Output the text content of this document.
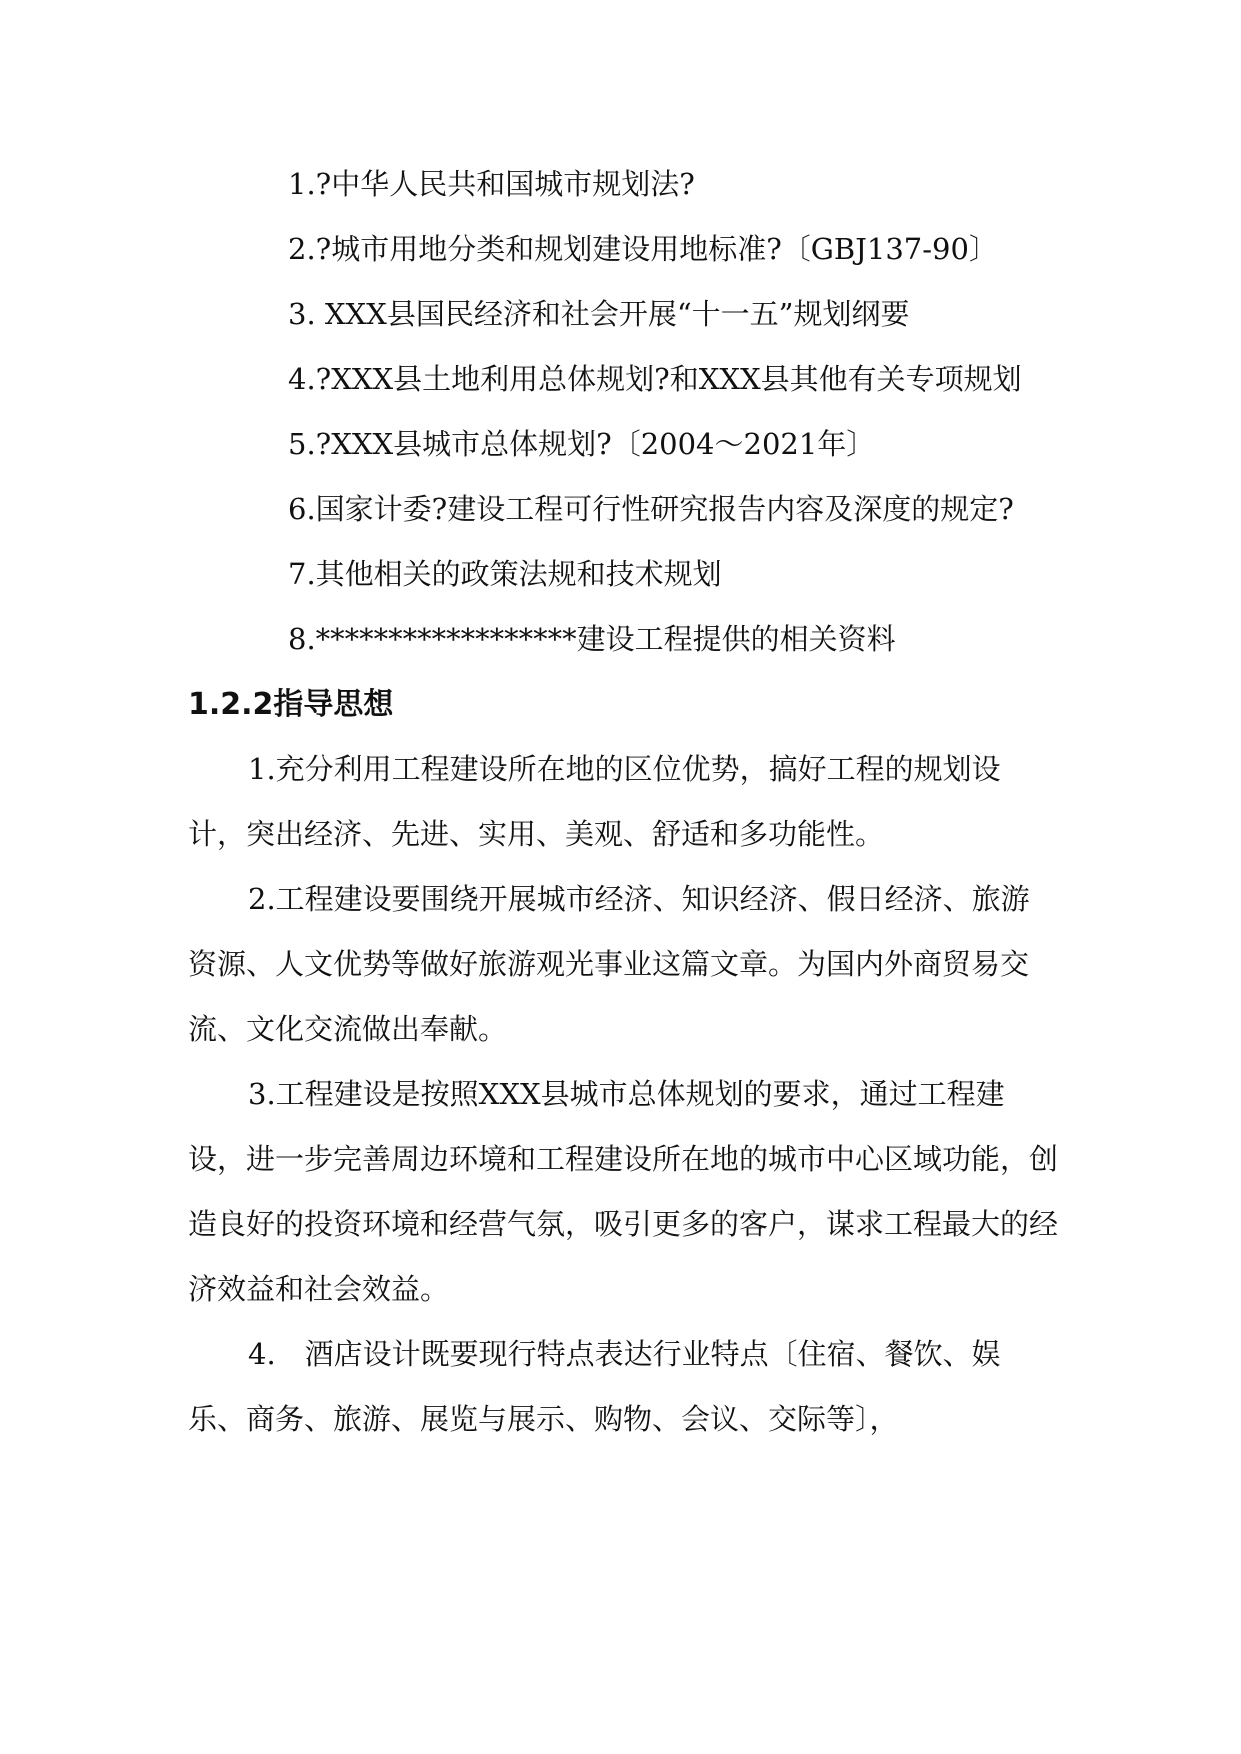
1.?中华人民共和国城市规划法?

2.?城市用地分类和规划建设用地标准?〔GBJ137-90〕

3. XXX县国民经济和社会开展“十一五”规划纲要

4.?XXX县土地利用总体规划?和XXX县其他有关专项规划

5.?XXX县城市总体规划?〔2004～2021年〕

6.国家计委?建设工程可行性研究报告内容及深度的规定?

7.其他相关的政策法规和技术规划

8.******************建设工程提供的相关资料

1.2.2指导思想

1.充分利用工程建设所在地的区位优势，搞好工程的规划设计，突出经济、先进、实用、美观、舒适和多功能性。

2.工程建设要围绕开展城市经济、知识经济、假日经济、旅游资源、人文优势等做好旅游观光事业这篇文章。为国内外商贸易交流、文化交流做出奉献。

3.工程建设是按照XXX县城市总体规划的要求，通过工程建设，进一步完善周边环境和工程建设所在地的城市中心区域功能，创造良好的投资环境和经营气氛，吸引更多的客户，谋求工程最大的经济效益和社会效益。

4.　酒店设计既要现行特点表达行业特点〔住宿、餐饮、娱乐、商务、旅游、展览与展示、购物、会议、交际等〕，
